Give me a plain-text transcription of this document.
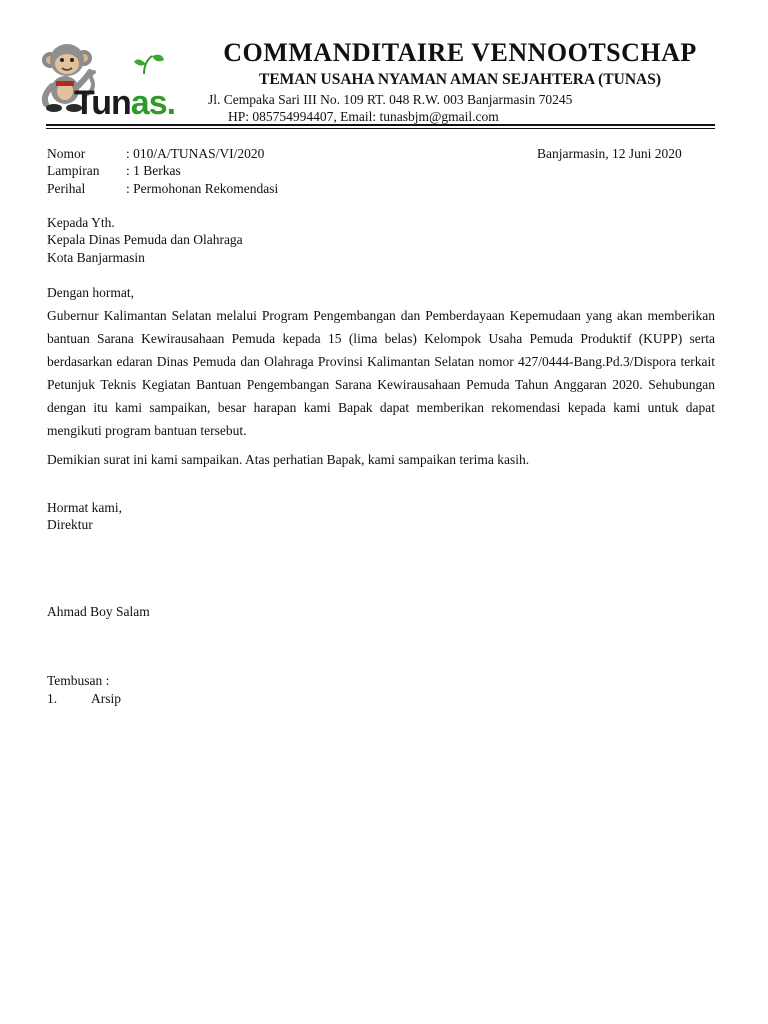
Tunas.
COMMANDITAIRE VENNOOTSCHAP
TEMAN USAHA NYAMAN AMAN SEJAHTERA (TUNAS)
Jl. Cempaka Sari III No. 109 RT. 048 R.W. 003 Banjarmasin 70245
HP: 085754994407, Email: tunasbjm@gmail.com
Nomor	: 010/A/TUNAS/VI/2020	Banjarmasin, 12 Juni 2020
Lampiran : 1 Berkas
Perihal	: Permohonan Rekomendasi
Kepada Yth.
Kepala Dinas Pemuda dan Olahraga
Kota Banjarmasin
Dengan hormat,
Gubernur Kalimantan Selatan melalui Program Pengembangan dan Pemberdayaan Kepemudaan yang akan memberikan bantuan Sarana Kewirausahaan Pemuda kepada 15 (lima belas) Kelompok Usaha Pemuda Produktif (KUPP) serta berdasarkan edaran Dinas Pemuda dan Olahraga Provinsi Kalimantan Selatan nomor 427/0444-Bang.Pd.3/Dispora terkait Petunjuk Teknis Kegiatan Bantuan Pengembangan Sarana Kewirausahaan Pemuda Tahun Anggaran 2020. Sehubungan dengan itu kami sampaikan, besar harapan kami Bapak dapat memberikan rekomendasi kepada kami untuk dapat mengikuti program bantuan tersebut.
Demikian surat ini kami sampaikan. Atas perhatian Bapak, kami sampaikan terima kasih.
Hormat kami,
Direktur
Ahmad Boy Salam
Tembusan :
1.	Arsip
